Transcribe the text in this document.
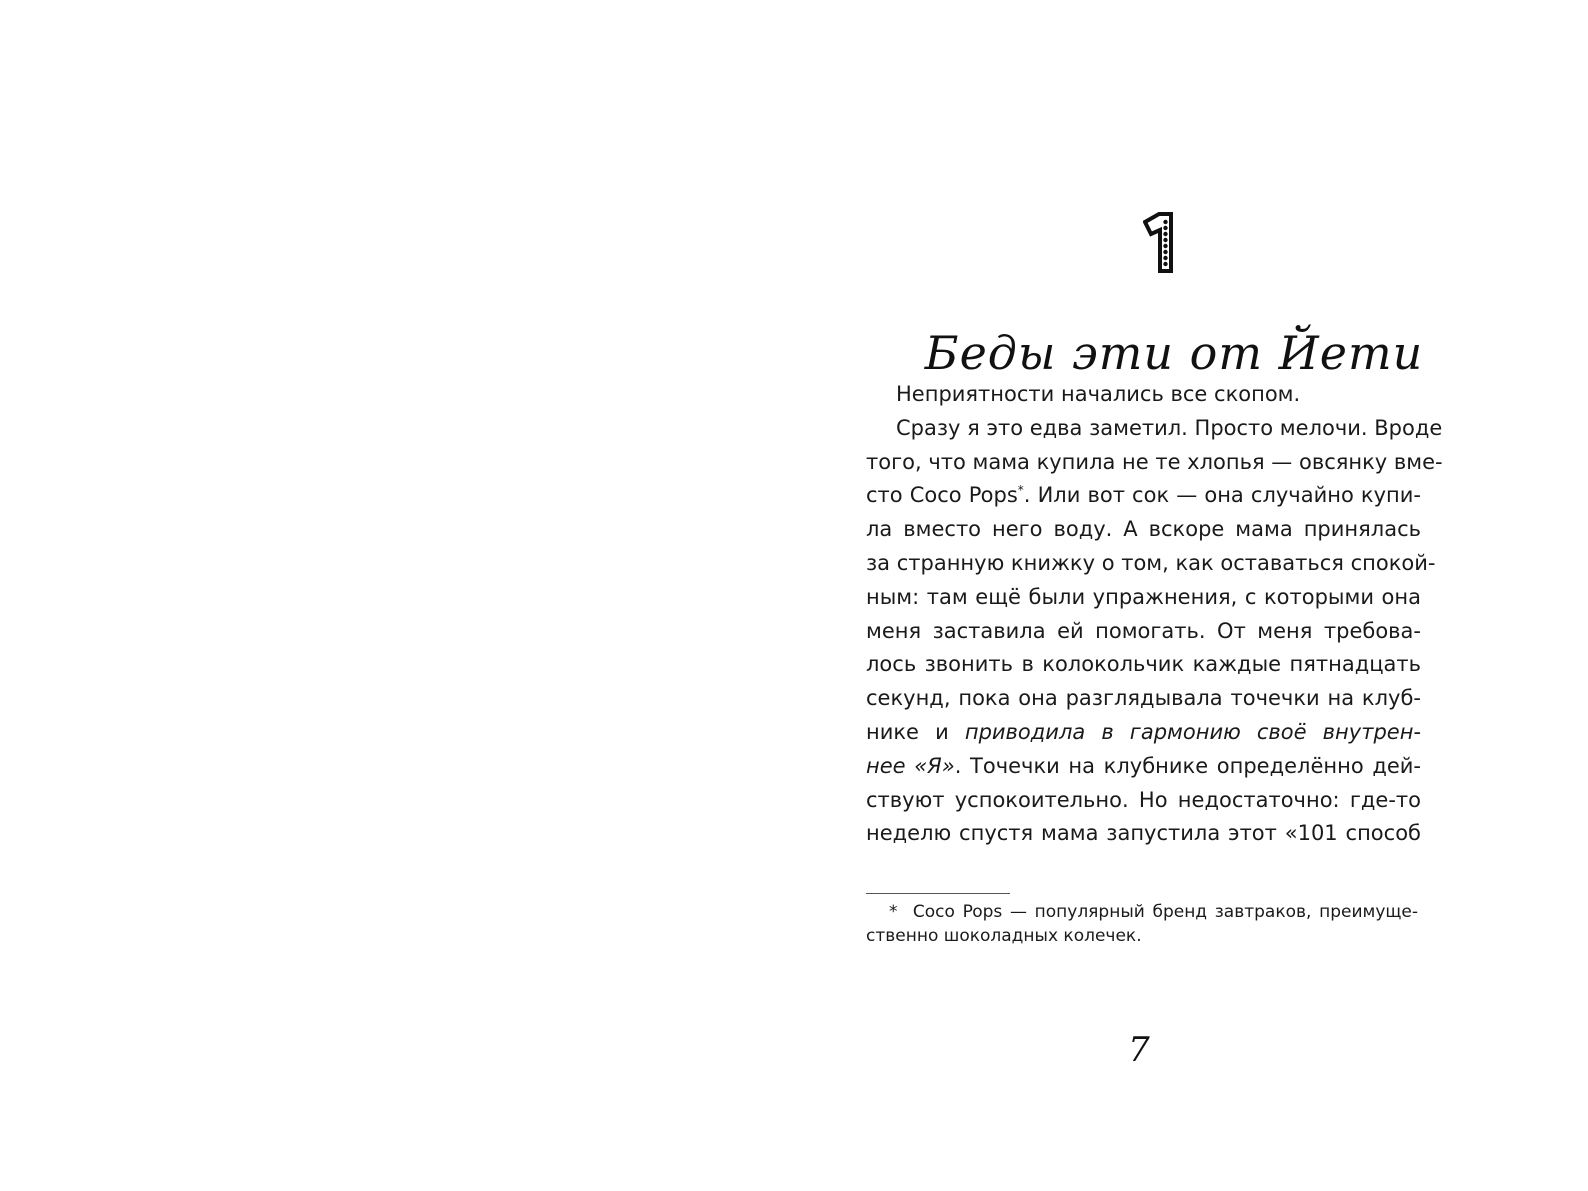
Беды эти от Йети
Неприятности начались все скопом.
Сразу я это едва заметил. Просто мелочи. Вроде
того, что мама купила не те хлопья — овсянку вме-
сто Coco Pops*. Или вот сок — она случайно купи-
ла вместо него воду. А вскоре мама принялась
за странную книжку о том, как оставаться спокой-
ным: там ещё были упражнения, с которыми она
меня заставила ей помогать. От меня требова-
лось звонить в колокольчик каждые пятнадцать
секунд, пока она разглядывала точечки на клуб-
нике и приводила в гармонию своё внутрен-
нее «Я». Точечки на клубнике определённо дей-
ствуют успокоительно. Но недостаточно: где-то
неделю спустя мама запустила этот «101 способ
* Coco Pops — популярный бренд завтраков, преимуще-
ственно шоколадных колечек.
7
